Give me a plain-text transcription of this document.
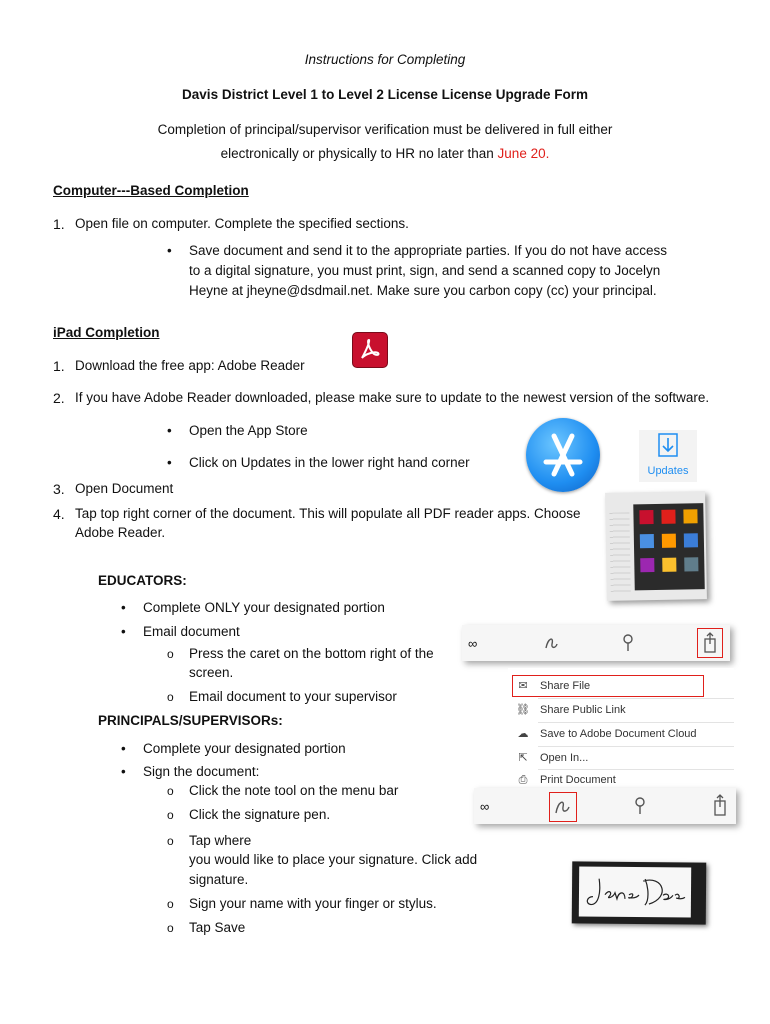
Instructions for Completing
Davis District Level 1 to Level 2 License License Upgrade Form
Completion of principal/supervisor verification must be delivered in full either
electronically or physically to HR no later than June 20.
Computer---Based Completion
1. Open file on computer. Complete the specified sections.
• Save document and send it to the appropriate parties. If you do not have access
to a digital signature, you must print, sign, and send a scanned copy to Jocelyn
Heyne at jheyne@dsdmail.net. Make sure you carbon copy (cc) your principal.
iPad Completion
1. Download the free app: Adobe Reader
2. If you have Adobe Reader downloaded, please make sure to update to the newest version of the software.
• Open the App Store
• Click on Updates in the lower right hand corner
Updates
3. Open Document
4. Tap top right corner of the document. This will populate all PDF reader apps. Choose
Adobe Reader.
EDUCATORS:
• Complete ONLY your designated portion
• Email document
o Press the caret on the bottom right of the
screen.
o Email document to your supervisor
∞
✉ Share File
⛓ Share Public Link
☁ Save to Adobe Document Cloud
⇱ Open In...
⎙ Print Document
PRINCIPALS/SUPERVISORs:
• Complete your designated portion
• Sign the document:
o Click the note tool on the menu bar
o Click the signature pen.
o Tap where
you would like to place your signature. Click add
signature.
o Sign your name with your finger or stylus.
o Tap Save
∞
